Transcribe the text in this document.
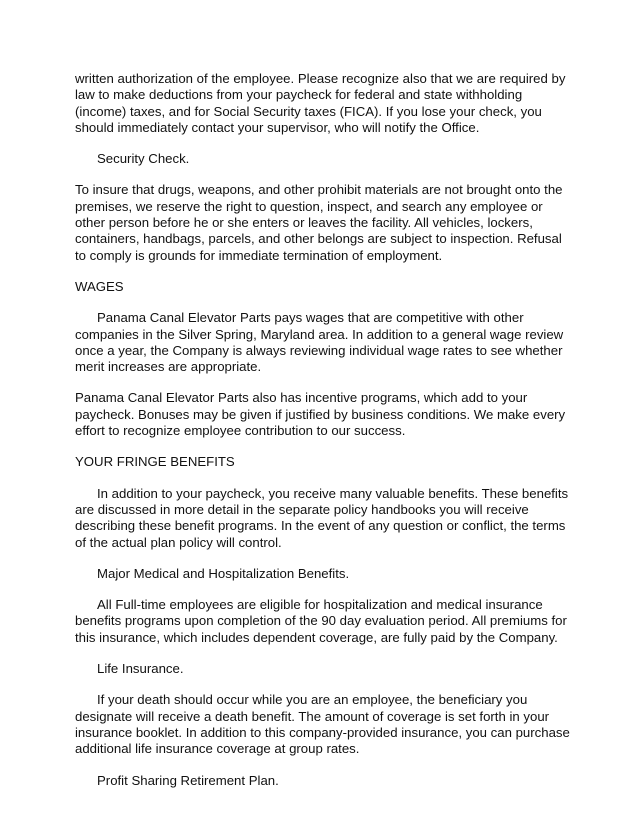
written authorization of the employee. Please recognize also that we are required by law to make deductions from your paycheck for federal and state withholding (income) taxes, and for Social Security taxes (FICA). If you lose your check, you should immediately contact your supervisor, who will notify the Office.

Security Check.

To insure that drugs, weapons, and other prohibit materials are not brought onto the premises, we reserve the right to question, inspect, and search any employee or other person before he or she enters or leaves the facility. All vehicles, lockers, containers, handbags, parcels, and other belongs are subject to inspection. Refusal to comply is grounds for immediate termination of employment.

WAGES

Panama Canal Elevator Parts pays wages that are competitive with other companies in the Silver Spring, Maryland area. In addition to a general wage review once a year, the Company is always reviewing individual wage rates to see whether merit increases are appropriate.

Panama Canal Elevator Parts also has incentive programs, which add to your paycheck. Bonuses may be given if justified by business conditions. We make every effort to recognize employee contribution to our success.

YOUR FRINGE BENEFITS

In addition to your paycheck, you receive many valuable benefits. These benefits are discussed in more detail in the separate policy handbooks you will receive describing these benefit programs. In the event of any question or conflict, the terms of the actual plan policy will control.

Major Medical and Hospitalization Benefits.

All Full-time employees are eligible for hospitalization and medical insurance benefits programs upon completion of the 90 day evaluation period. All premiums for this insurance, which includes dependent coverage, are fully paid by the Company.

Life Insurance.

If your death should occur while you are an employee, the beneficiary you designate will receive a death benefit. The amount of coverage is set forth in your insurance booklet. In addition to this company-provided insurance, you can purchase additional life insurance coverage at group rates.

Profit Sharing Retirement Plan.
